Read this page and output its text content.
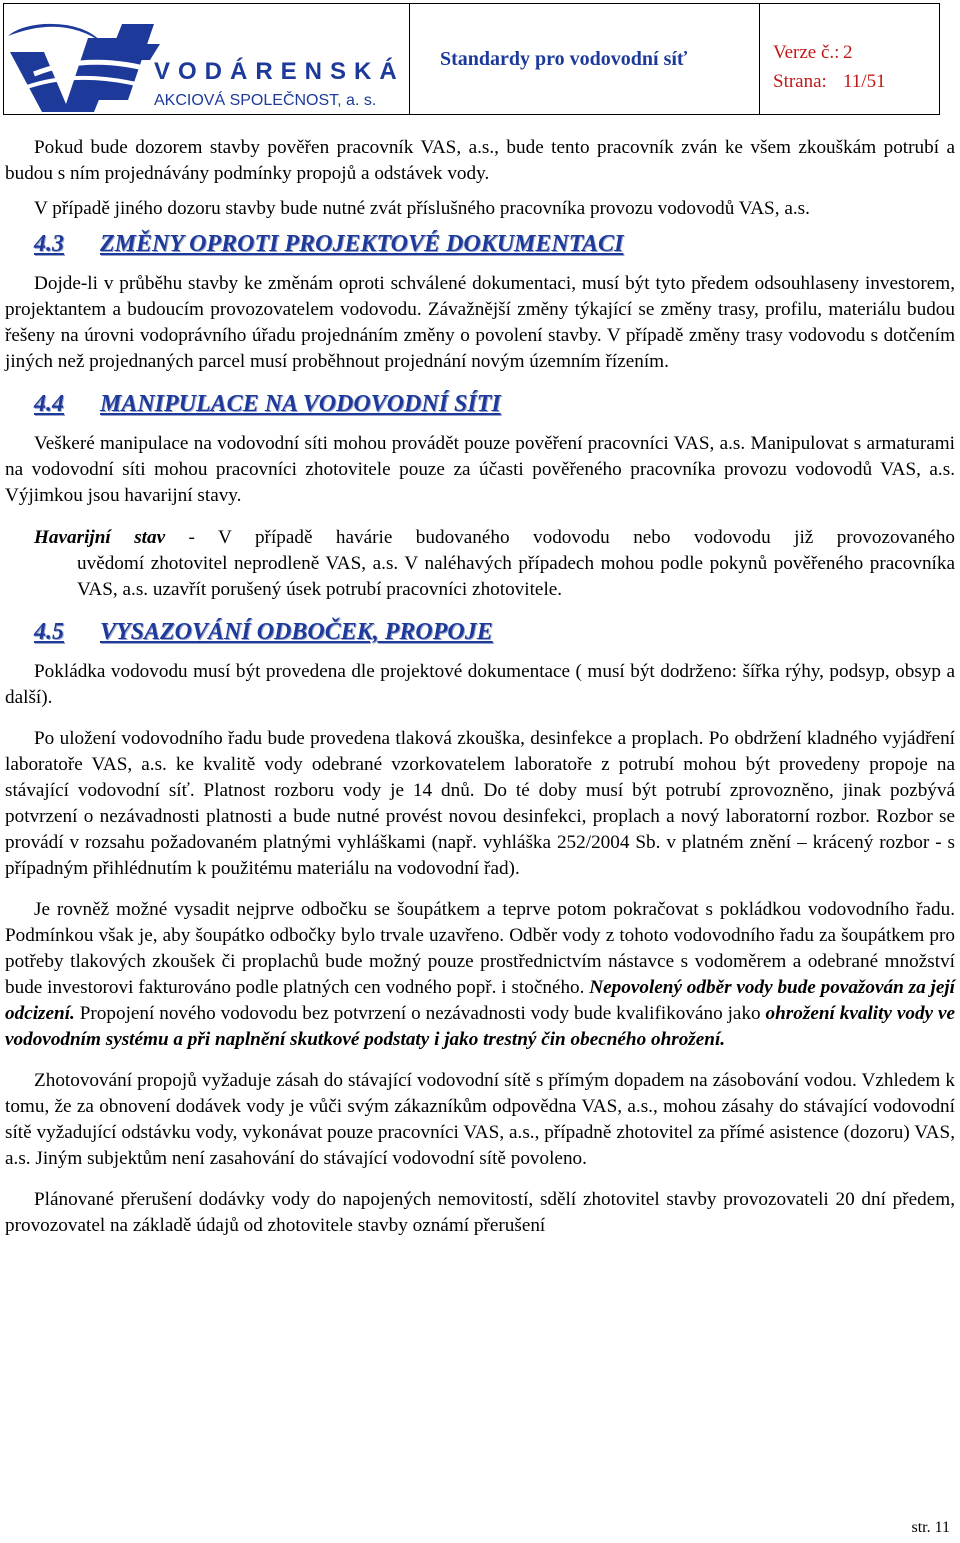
VODÁRENSKÁ
AKCIOVÁ SPOLEČNOST, a. s.
Standardy pro vodovodní síť	Verze č.: 2
Strana: 11/51

Pokud bude dozorem stavby pověřen pracovník VAS, a.s., bude tento pracovník zván ke všem zkouškám potrubí a budou s ním projednávány podmínky propojů a odstávek vody.

V případě jiného dozoru stavby bude nutné zvát příslušného pracovníka provozu vodovodů VAS, a.s.

4.3 ZMĚNY OPROTI PROJEKTOVÉ DOKUMENTACI

Dojde-li v průběhu stavby ke změnám oproti schválené dokumentaci, musí být tyto předem odsouhlaseny investorem, projektantem a budoucím provozovatelem vodovodu. Závažnější změny týkající se změny trasy, profilu, materiálu budou řešeny na úrovni vodoprávního úřadu projednáním změny o povolení stavby. V případě změny trasy vodovodu s dotčením jiných než projednaných parcel musí proběhnout projednání novým územním řízením.

4.4 MANIPULACE NA VODOVODNÍ SÍTI

Veškeré manipulace na vodovodní síti mohou provádět pouze pověření pracovníci VAS, a.s. Manipulovat s armaturami na vodovodní síti mohou pracovníci zhotovitele pouze za účasti pověřeného pracovníka provozu vodovodů VAS, a.s. Výjimkou jsou havarijní stavy.

Havarijní stav - V případě havárie budovaného vodovodu nebo vodovodu již provozovaného

uvědomí zhotovitel neprodleně VAS, a.s. V naléhavých případech mohou podle pokynů pověřeného pracovníka VAS, a.s. uzavřít porušený úsek potrubí pracovníci zhotovitele.

4.5 VYSAZOVÁNÍ ODBOČEK, PROPOJE

Pokládka vodovodu musí být provedena dle projektové dokumentace ( musí být dodrženo: šířka rýhy, podsyp, obsyp a další).

Po uložení vodovodního řadu bude provedena tlaková zkouška, desinfekce a proplach. Po obdržení kladného vyjádření laboratoře VAS, a.s. ke kvalitě vody odebrané vzorkovatelem laboratoře z potrubí mohou být provedeny propoje na stávající vodovodní síť. Platnost rozboru vody je 14 dnů. Do té doby musí být potrubí zprovozněno, jinak pozbývá potvrzení o nezávadnosti platnosti a bude nutné provést novou desinfekci, proplach a nový laboratorní rozbor. Rozbor se provádí v rozsahu požadovaném platnými vyhláškami (např. vyhláška 252/2004 Sb. v platném znění – krácený rozbor - s případným přihlédnutím k použitému materiálu na vodovodní řad).

Je rovněž možné vysadit nejprve odbočku se šoupátkem a teprve potom pokračovat s pokládkou vodovodního řadu. Podmínkou však je, aby šoupátko odbočky bylo trvale uzavřeno. Odběr vody z tohoto vodovodního řadu za šoupátkem pro potřeby tlakových zkoušek či proplachů bude možný pouze prostřednictvím nástavce s vodoměrem a odebrané množství bude investorovi fakturováno podle platných cen vodného popř. i stočného. Nepovolený odběr vody bude považován za její odcizení. Propojení nového vodovodu bez potvrzení o nezávadnosti vody bude kvalifikováno jako ohrožení kvality vody ve vodovodním systému a při naplnění skutkové podstaty i jako trestný čin obecného ohrožení.

Zhotovování propojů vyžaduje zásah do stávající vodovodní sítě s přímým dopadem na zásobování vodou. Vzhledem k tomu, že za obnovení dodávek vody je vůči svým zákazníkům odpovědna VAS, a.s., mohou zásahy do stávající vodovodní sítě vyžadující odstávku vody, vykonávat pouze pracovníci VAS, a.s., případně zhotovitel za přímé asistence (dozoru) VAS, a.s. Jiným subjektům není zasahování do stávající vodovodní sítě povoleno.

Plánované přerušení dodávky vody do napojených nemovitostí, sdělí zhotovitel stavby provozovateli 20 dní předem, provozovatel na základě údajů od zhotovitele stavby oznámí přerušení

str. 11
